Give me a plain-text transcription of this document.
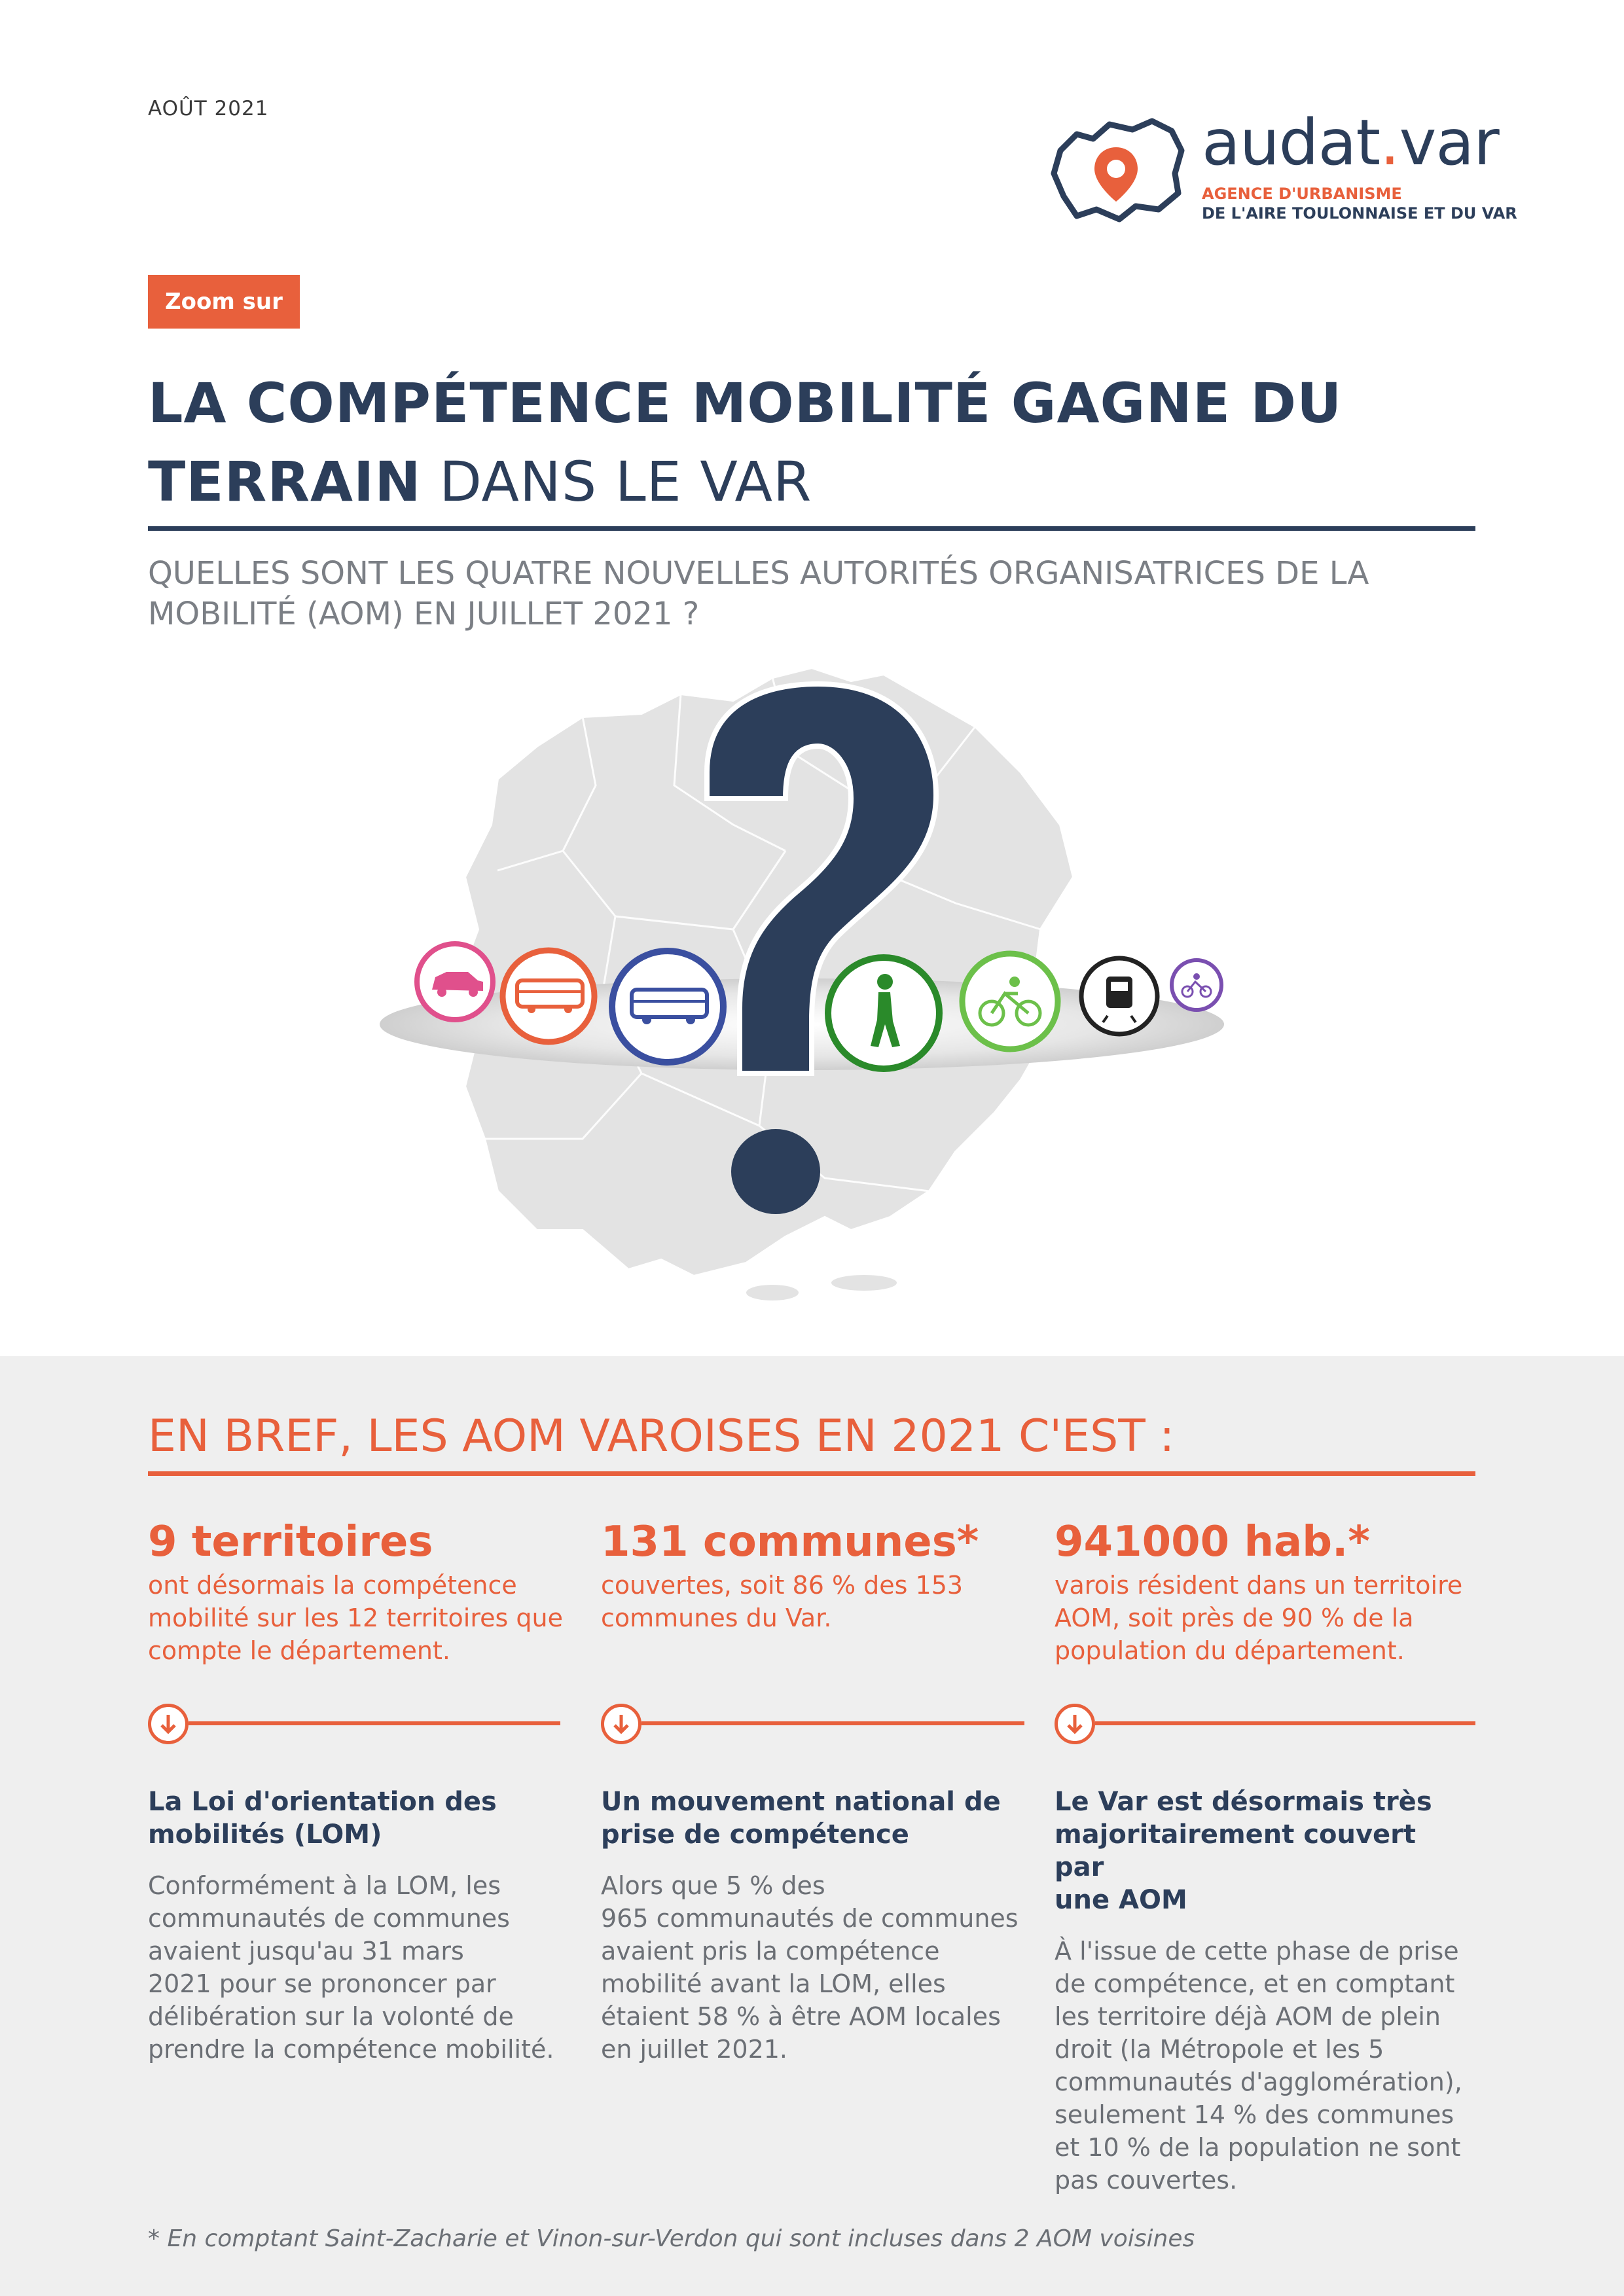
AOÛT 2021	audat.var
AGENCE D'URBANISME
DE L'AIRE TOULONNAISE ET DU VAR
Zoom sur
LA COMPÉTENCE MOBILITÉ GAGNE DU
TERRAIN DANS LE VAR
QUELLES SONT LES QUATRE NOUVELLES AUTORITÉS ORGANISATRICES DE LA
MOBILITÉ (AOM) EN JUILLET 2021 ?
EN BREF, LES AOM VAROISES EN 2021 C'EST :
9 territoires
ont désormais la compétence
mobilité sur les 12 territoires que
compte le département.
La Loi d'orientation des
mobilités (LOM)
Conformément à la LOM, les
communautés de communes
avaient jusqu'au 31 mars
2021 pour se prononcer par
délibération sur la volonté de
prendre la compétence mobilité.
131 communes*
couvertes, soit 86 % des 153
communes du Var.
Un mouvement national de
prise de compétence
Alors que 5 % des
965 communautés de communes
avaient pris la compétence
mobilité avant la LOM, elles
étaient 58 % à être AOM locales
en juillet 2021.
941000 hab.*
varois résident dans un territoire
AOM, soit près de 90 % de la
population du département.
Le Var est désormais très
majoritairement couvert par
une AOM
À l'issue de cette phase de prise
de compétence, et en comptant
les territoire déjà AOM de plein
droit (la Métropole et les 5
communautés d'agglomération),
seulement 14 % des communes
et 10 % de la population ne sont
pas couvertes.
* En comptant Saint-Zacharie et Vinon-sur-Verdon qui sont incluses dans 2 AOM voisines
